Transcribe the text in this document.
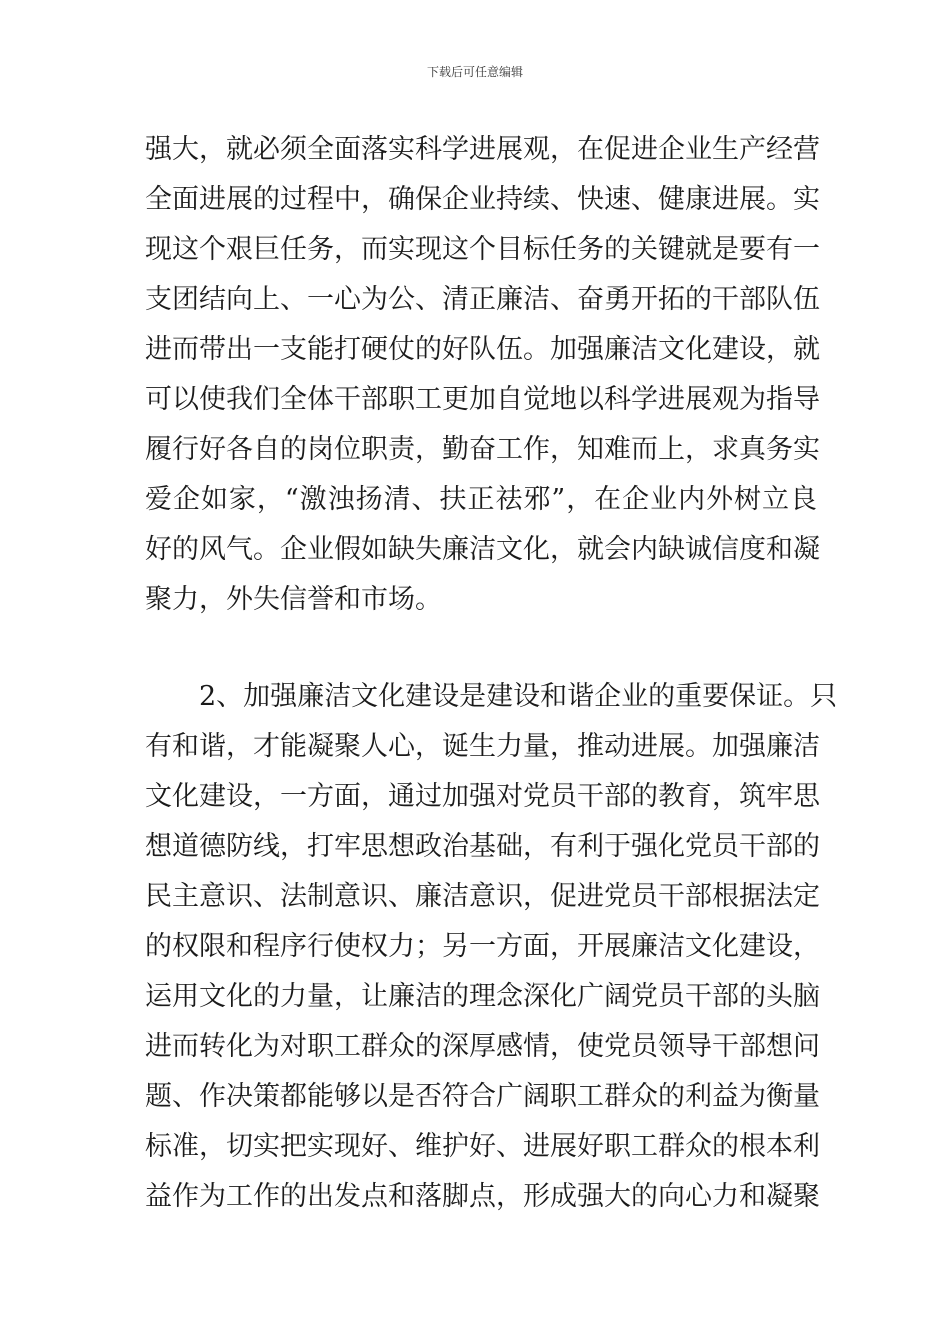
下载后可任意编辑
强大，就必须全面落实科学进展观，在促进企业生产经营
全面进展的过程中，确保企业持续、快速、健康进展。实
现这个艰巨任务，而实现这个目标任务的关键就是要有一
支团结向上、一心为公、清正廉洁、奋勇开拓的干部队伍
进而带出一支能打硬仗的好队伍。加强廉洁文化建设，就
可以使我们全体干部职工更加自觉地以科学进展观为指导
履行好各自的岗位职责，勤奋工作，知难而上，求真务实
爱企如家，“激浊扬清、扶正祛邪”，在企业内外树立良
好的风气。企业假如缺失廉洁文化，就会内缺诚信度和凝
聚力，外失信誉和市场。
2、加强廉洁文化建设是建设和谐企业的重要保证。只
有和谐，才能凝聚人心，诞生力量，推动进展。加强廉洁
文化建设，一方面，通过加强对党员干部的教育，筑牢思
想道德防线，打牢思想政治基础，有利于强化党员干部的
民主意识、法制意识、廉洁意识，促进党员干部根据法定
的权限和程序行使权力；另一方面，开展廉洁文化建设，
运用文化的力量，让廉洁的理念深化广阔党员干部的头脑
进而转化为对职工群众的深厚感情，使党员领导干部想问
题、作决策都能够以是否符合广阔职工群众的利益为衡量
标准，切实把实现好、维护好、进展好职工群众的根本利
益作为工作的出发点和落脚点，形成强大的向心力和凝聚
